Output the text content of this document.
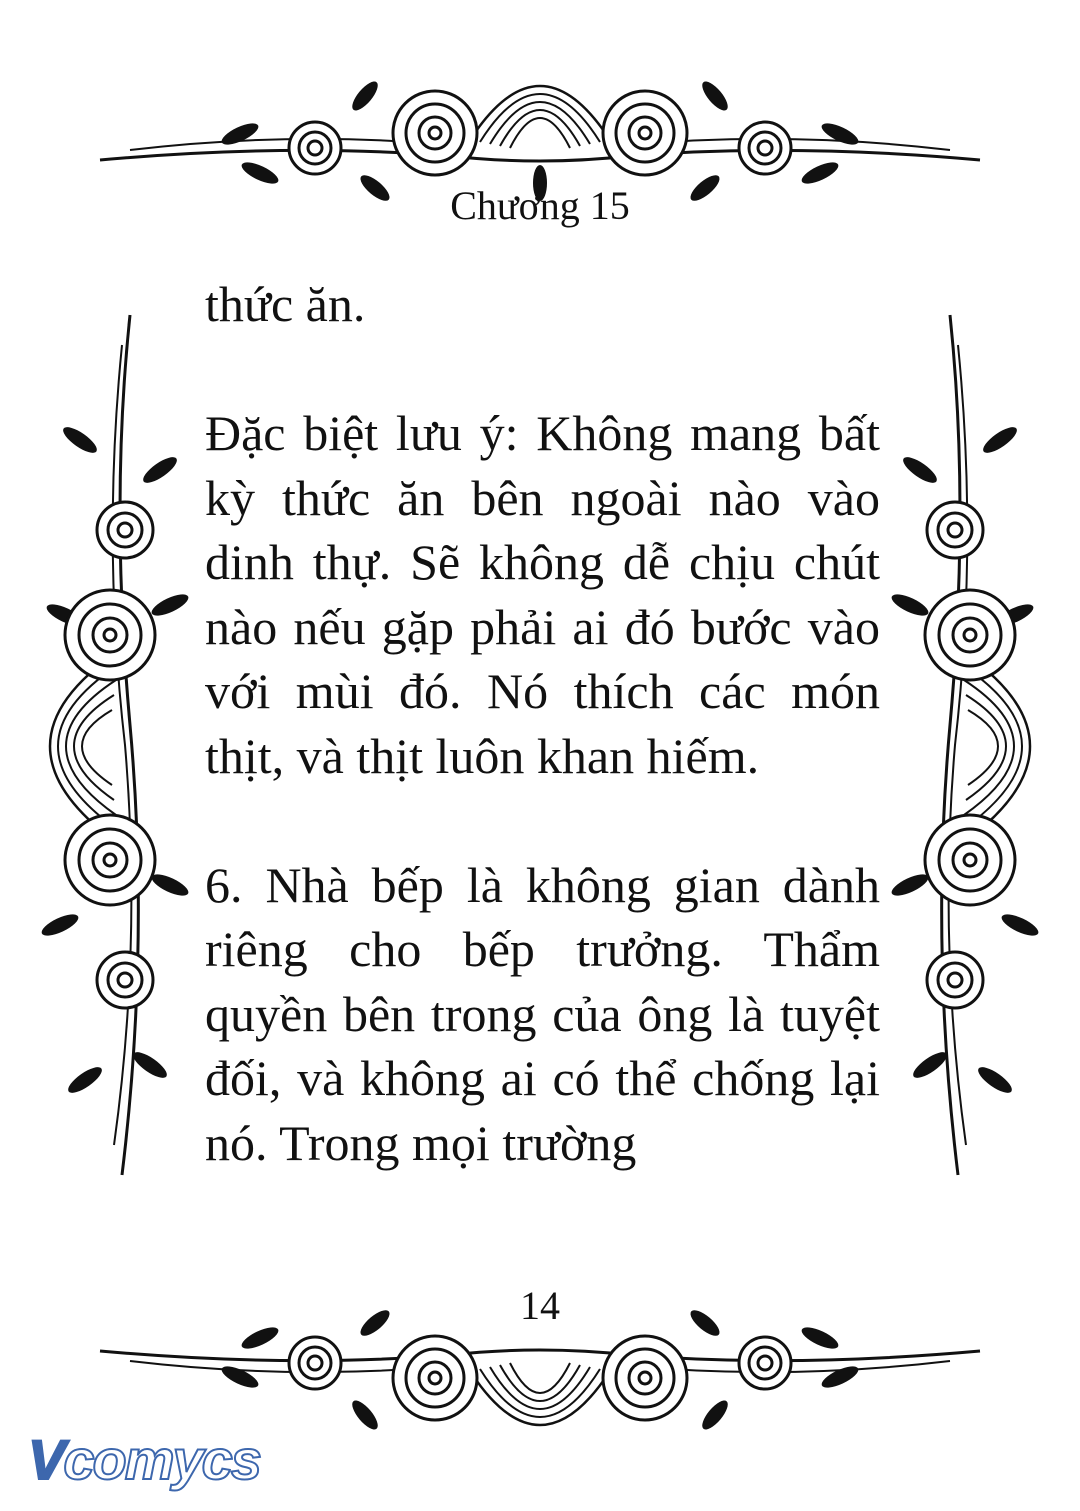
Chương 15

thức ăn.

Đặc biệt lưu ý: Không mang bất kỳ thức ăn bên ngoài nào vào dinh thự. Sẽ không dễ chịu chút nào nếu gặp phải ai đó bước vào với mùi đó. Nó thích các món thịt, và thịt luôn khan hiếm.

6. Nhà bếp là không gian dành riêng cho bếp trưởng. Thẩm quyền bên trong của ông là tuyệt đối, và không ai có thể chống lại nó. Trong mọi trường

14
Vcomycs
